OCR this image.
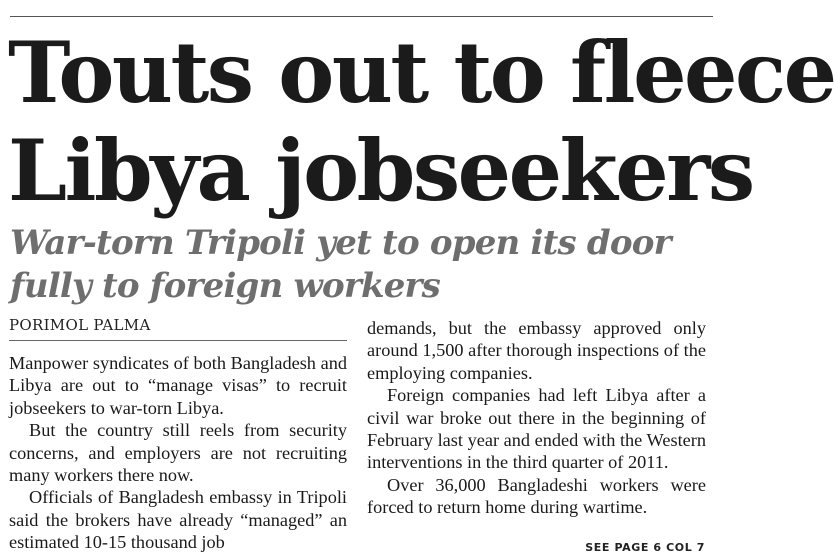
Touts out to fleece
Libya jobseekers
War-torn Tripoli yet to open its door
fully to foreign workers
PORIMOL PALMA

Manpower syndicates of both Bangladesh and Libya are out to “manage visas” to recruit jobseekers to war-torn Libya.

But the country still reels from security concerns, and employers are not recruiting many workers there now.

Officials of Bangladesh embassy in Tripoli said the brokers have already “managed” an estimated 10-15 thousand job

demands, but the embassy approved only around 1,500 after thorough inspections of the employing companies.

Foreign companies had left Libya after a civil war broke out there in the beginning of February last year and ended with the Western interventions in the third quarter of 2011.

Over 36,000 Bangladeshi workers were forced to return home during wartime.

SEE PAGE 6 COL 7
